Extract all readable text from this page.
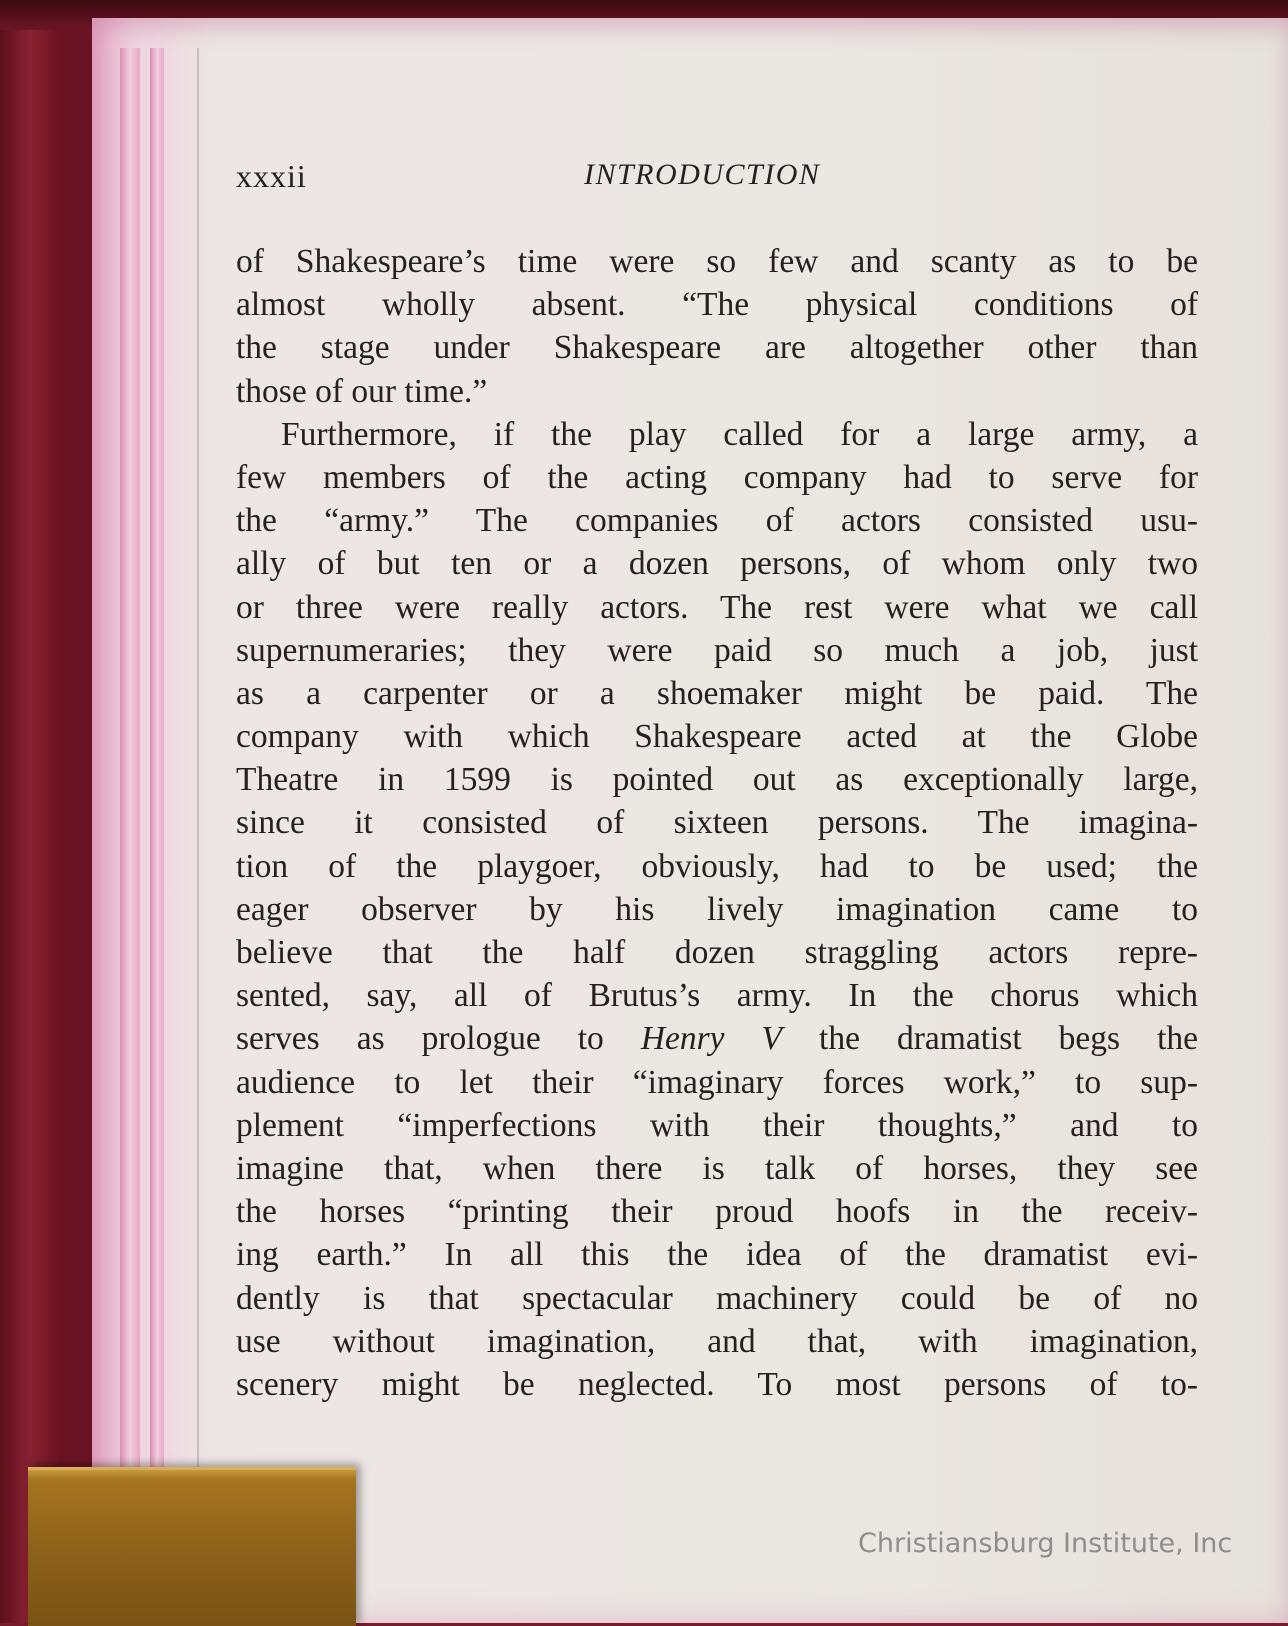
xxxii	INTRODUCTION
of Shakespeare’s time were so few and scanty as to be
almost wholly absent. “The physical conditions of
the stage under Shakespeare are altogether other than
those of our time.”
Furthermore, if the play called for a large army, a
few members of the acting company had to serve for
the “army.” The companies of actors consisted usu-
ally of but ten or a dozen persons, of whom only two
or three were really actors. The rest were what we call
supernumeraries; they were paid so much a job, just
as a carpenter or a shoemaker might be paid. The
company with which Shakespeare acted at the Globe
Theatre in 1599 is pointed out as exceptionally large,
since it consisted of sixteen persons. The imagina-
tion of the playgoer, obviously, had to be used; the
eager observer by his lively imagination came to
believe that the half dozen straggling actors repre-
sented, say, all of Brutus’s army. In the chorus which
serves as prologue to Henry V the dramatist begs the
audience to let their “imaginary forces work,” to sup-
plement “imperfections with their thoughts,” and to
imagine that, when there is talk of horses, they see
the horses “printing their proud hoofs in the receiv-
ing earth.” In all this the idea of the dramatist evi-
dently is that spectacular machinery could be of no
use without imagination, and that, with imagination,
scenery might be neglected. To most persons of to-
Christiansburg Institute, Inc
